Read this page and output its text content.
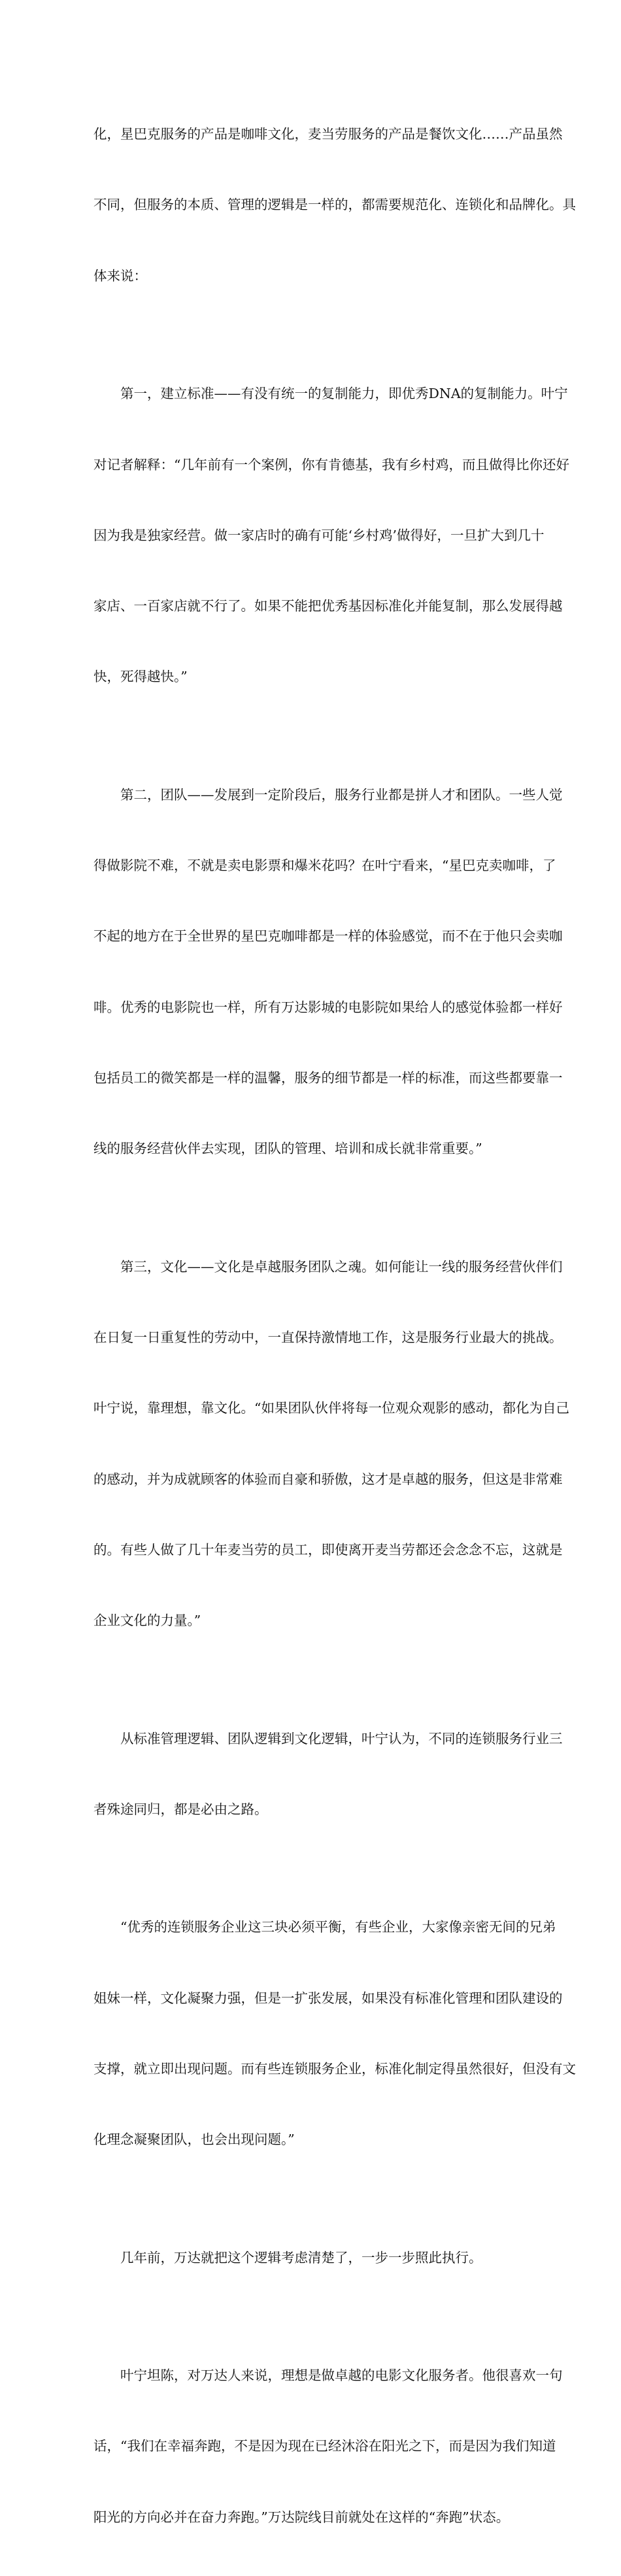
化，星巴克服务的产品是咖啡文化，麦当劳服务的产品是餐饮文化……产品虽然

不同，但服务的本质、管理的逻辑是一样的，都需要规范化、连锁化和品牌化。具

体来说：

　　第一，建立标准——有没有统一的复制能力，即优秀DNA的复制能力。叶宁

对记者解释：“几年前有一个案例，你有肯德基，我有乡村鸡，而且做得比你还好

因为我是独家经营。做一家店时的确有可能‘乡村鸡’做得好，一旦扩大到几十

家店、一百家店就不行了。如果不能把优秀基因标准化并能复制，那么发展得越

快，死得越快。”

　　第二，团队——发展到一定阶段后，服务行业都是拼人才和团队。一些人觉

得做影院不难，不就是卖电影票和爆米花吗？在叶宁看来，“星巴克卖咖啡，了

不起的地方在于全世界的星巴克咖啡都是一样的体验感觉，而不在于他只会卖咖

啡。优秀的电影院也一样，所有万达影城的电影院如果给人的感觉体验都一样好

包括员工的微笑都是一样的温馨，服务的细节都是一样的标准，而这些都要靠一

线的服务经营伙伴去实现，团队的管理、培训和成长就非常重要。”

　　第三，文化——文化是卓越服务团队之魂。如何能让一线的服务经营伙伴们

在日复一日重复性的劳动中，一直保持激情地工作，这是服务行业最大的挑战。

叶宁说，靠理想，靠文化。“如果团队伙伴将每一位观众观影的感动，都化为自己

的感动，并为成就顾客的体验而自豪和骄傲，这才是卓越的服务，但这是非常难

的。有些人做了几十年麦当劳的员工，即使离开麦当劳都还会念念不忘，这就是

企业文化的力量。”

　　从标准管理逻辑、团队逻辑到文化逻辑，叶宁认为，不同的连锁服务行业三

者殊途同归，都是必由之路。

　　“优秀的连锁服务企业这三块必须平衡，有些企业，大家像亲密无间的兄弟

姐妹一样，文化凝聚力强，但是一扩张发展，如果没有标准化管理和团队建设的

支撑，就立即出现问题。而有些连锁服务企业，标准化制定得虽然很好，但没有文

化理念凝聚团队，也会出现问题。”

　　几年前，万达就把这个逻辑考虑清楚了，一步一步照此执行。

　　叶宁坦陈，对万达人来说，理想是做卓越的电影文化服务者。他很喜欢一句

话，“我们在幸福奔跑，不是因为现在已经沐浴在阳光之下，而是因为我们知道

阳光的方向必并在奋力奔跑。”万达院线目前就处在这样的“奔跑”状态。
